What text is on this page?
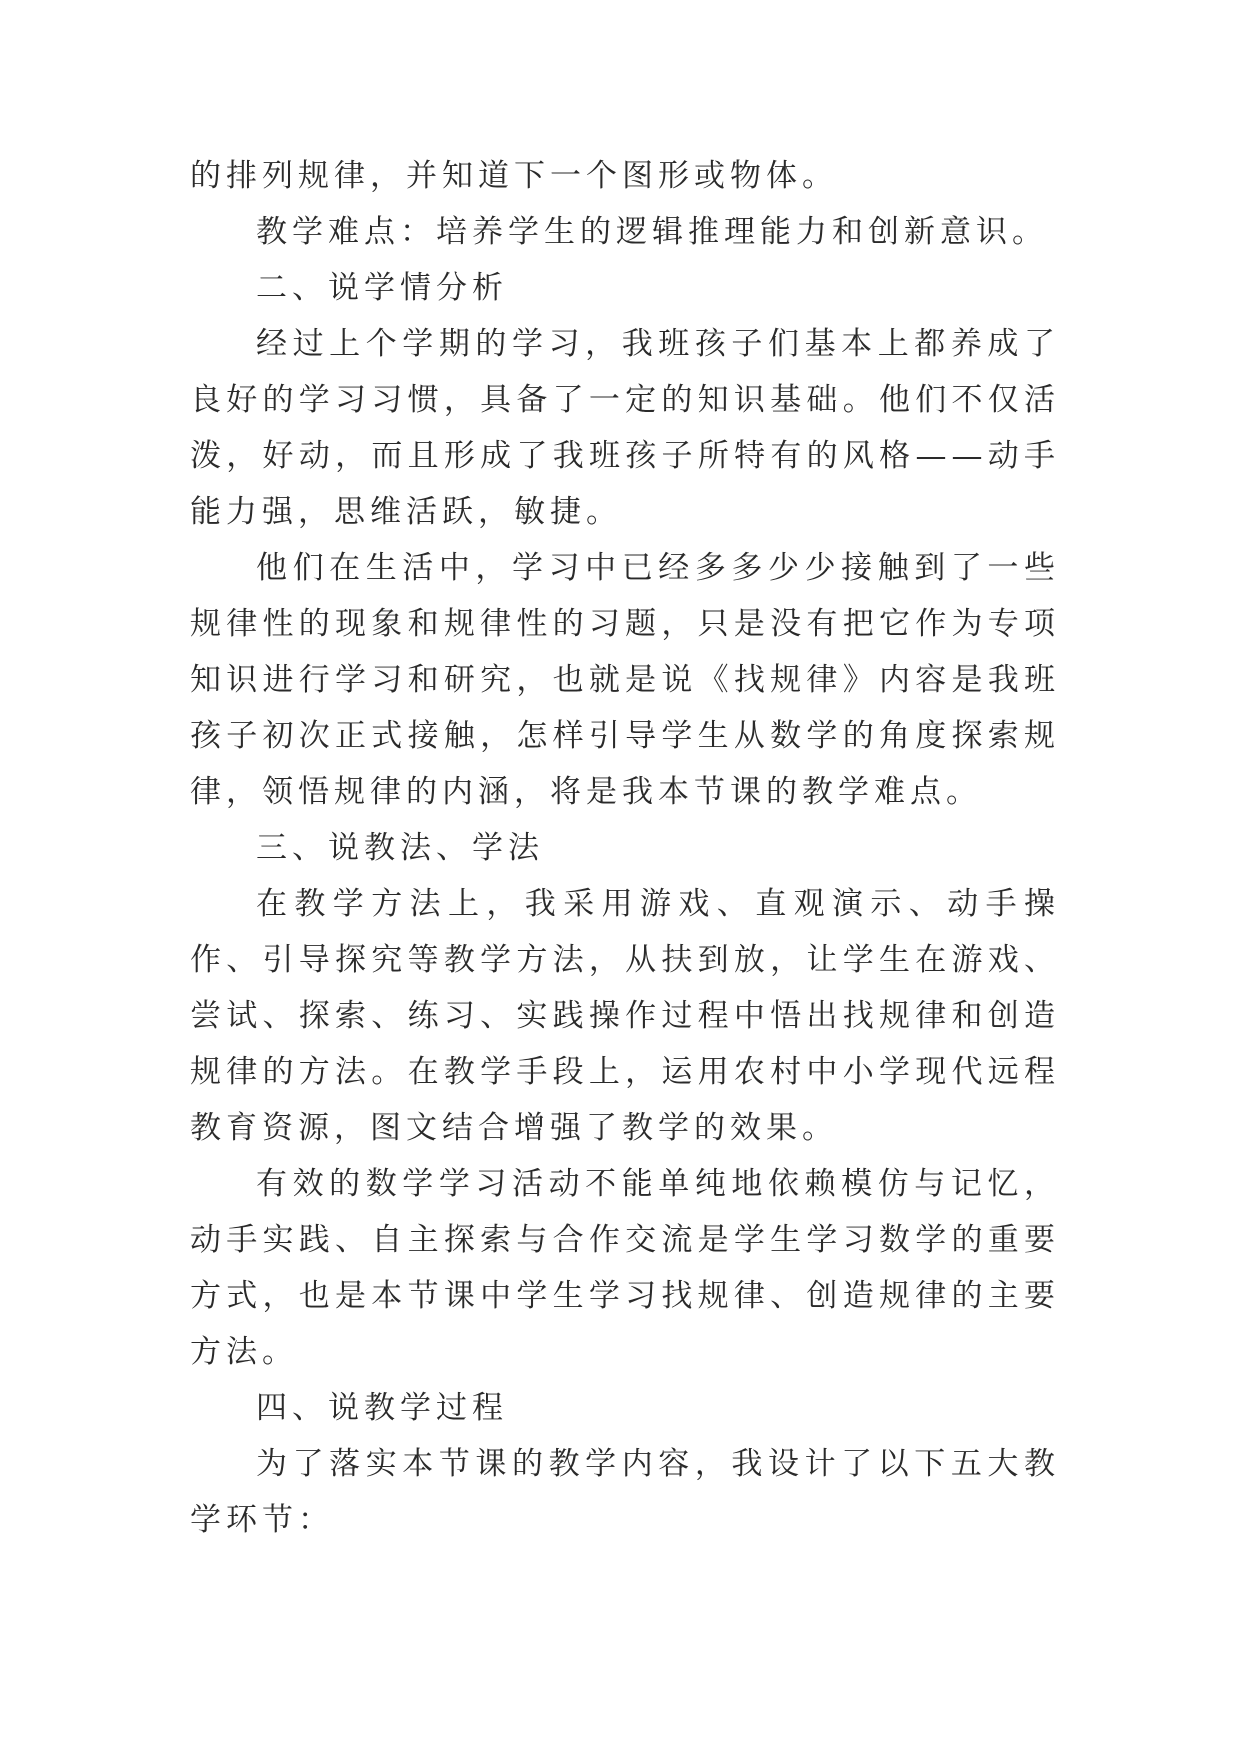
的排列规律，并知道下一个图形或物体。

教学难点：培养学生的逻辑推理能力和创新意识。

二、说学情分析

经过上个学期的学习，我班孩子们基本上都养成了良好的学习习惯，具备了一定的知识基础。他们不仅活泼，好动，而且形成了我班孩子所特有的风格——动手能力强，思维活跃，敏捷。

他们在生活中，学习中已经多多少少接触到了一些规律性的现象和规律性的习题，只是没有把它作为专项知识进行学习和研究，也就是说《找规律》内容是我班孩子初次正式接触，怎样引导学生从数学的角度探索规律，领悟规律的内涵，将是我本节课的教学难点。

三、说教法、学法

在教学方法上，我采用游戏、直观演示、动手操作、引导探究等教学方法，从扶到放，让学生在游戏、尝试、探索、练习、实践操作过程中悟出找规律和创造规律的方法。在教学手段上，运用农村中小学现代远程教育资源，图文结合增强了教学的效果。

有效的数学学习活动不能单纯地依赖模仿与记忆，动手实践、自主探索与合作交流是学生学习数学的重要方式，也是本节课中学生学习找规律、创造规律的主要方法。

四、说教学过程

为了落实本节课的教学内容，我设计了以下五大教学环节：
